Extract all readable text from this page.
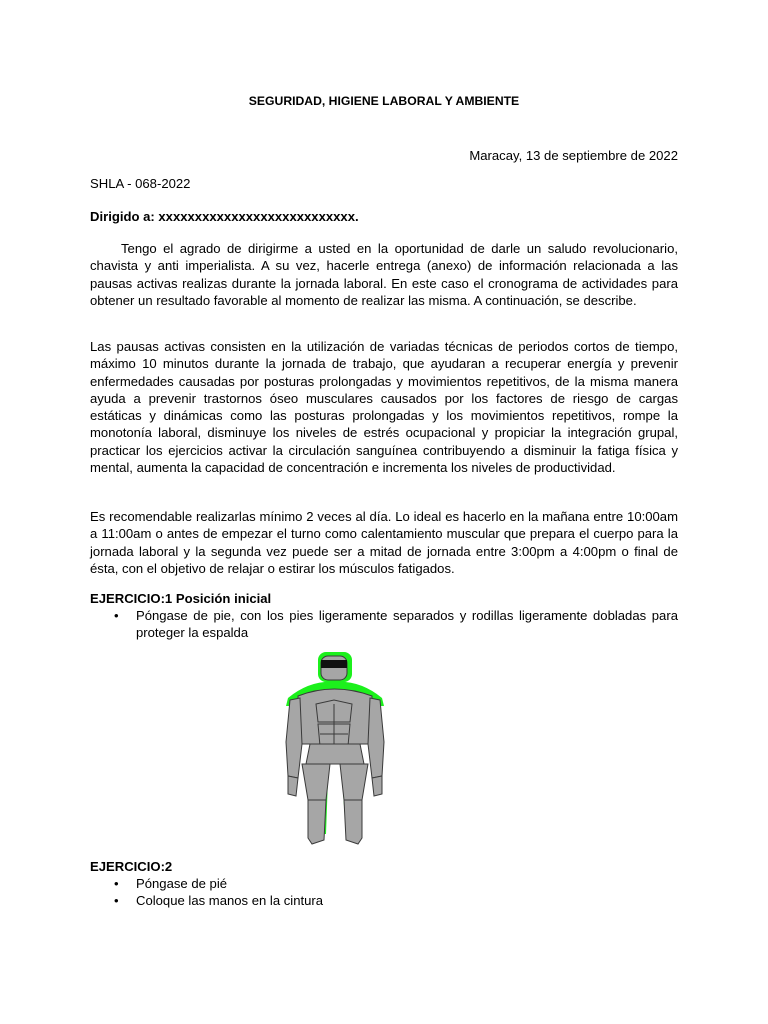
SEGURIDAD, HIGIENE LABORAL Y AMBIENTE
Maracay, 13 de septiembre de 2022
SHLA - 068-2022
Dirigido a: xxxxxxxxxxxxxxxxxxxxxxxxxxx.

Tengo el agrado de dirigirme a usted en la oportunidad de darle un saludo revolucionario, chavista y anti imperialista. A su vez, hacerle entrega (anexo) de información relacionada a las pausas activas realizas durante la jornada laboral. En este caso el cronograma de actividades para obtener un resultado favorable al momento de realizar las misma. A continuación, se describe.

Las pausas activas consisten en la utilización de variadas técnicas de periodos cortos de tiempo, máximo 10 minutos durante la jornada de trabajo, que ayudaran a recuperar energía y prevenir enfermedades causadas por posturas prolongadas y movimientos repetitivos, de la misma manera ayuda a prevenir trastornos óseo musculares causados por los factores de riesgo de cargas estáticas y dinámicas como las posturas prolongadas y los movimientos repetitivos, rompe la monotonía laboral, disminuye los niveles de estrés ocupacional y propiciar la integración grupal, practicar los ejercicios activar la circulación sanguínea contribuyendo a disminuir la fatiga física y mental, aumenta la capacidad de concentración e incrementa los niveles de productividad.

Es recomendable realizarlas mínimo 2 veces al día. Lo ideal es hacerlo en la mañana entre 10:00am a 11:00am o antes de empezar el turno como calentamiento muscular que prepara el cuerpo para la jornada laboral y la segunda vez puede ser a mitad de jornada entre 3:00pm a 4:00pm o final de ésta, con el objetivo de relajar o estirar los músculos fatigados.

EJERCICIO:1 Posición inicial
• Póngase de pie, con los pies ligeramente separados y rodillas ligeramente dobladas para proteger la espalda
EJERCICIO:2
• Póngase de pié
• Coloque las manos en la cintura
